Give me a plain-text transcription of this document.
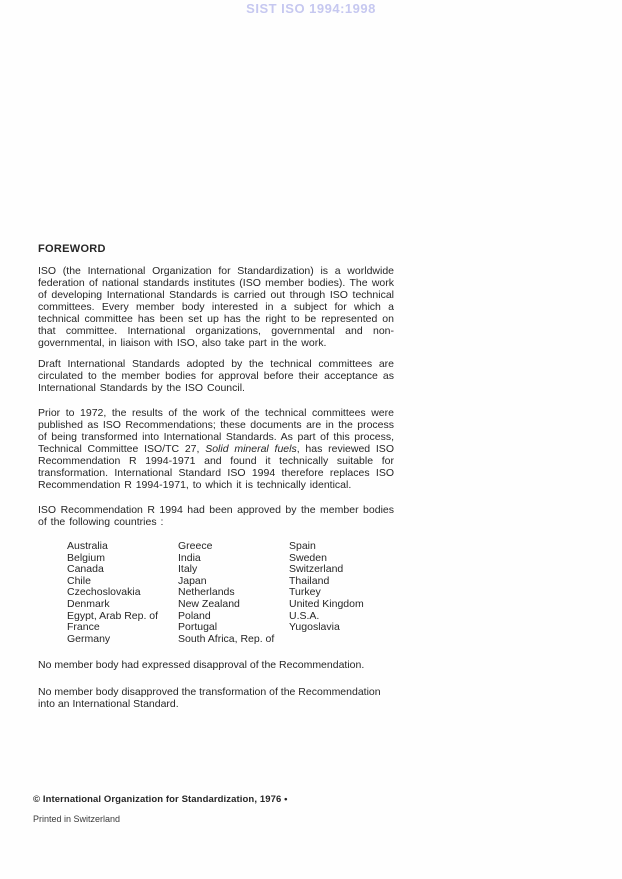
SIST ISO 1994:1998
FOREWORD

ISO (the International Organization for Standardization) is a worldwide federation of national standards institutes (ISO member bodies). The work of developing International Standards is carried out through ISO technical committees. Every member body interested in a subject for which a technical committee has been set up has the right to be represented on that committee. International organizations, governmental and non-governmental, in liaison with ISO, also take part in the work.

Draft International Standards adopted by the technical committees are circulated to the member bodies for approval before their acceptance as International Standards by the ISO Council.

Prior to 1972, the results of the work of the technical committees were published as ISO Recommendations; these documents are in the process of being transformed into International Standards. As part of this process, Technical Committee ISO/TC 27, Solid mineral fuels, has reviewed ISO Recommendation R 1994-1971 and found it technically suitable for transformation. International Standard ISO 1994 therefore replaces ISO Recommendation R 1994-1971, to which it is technically identical.

ISO Recommendation R 1994 had been approved by the member bodies of the following countries :

Australia
Belgium
Canada
Chile
Czechoslovakia
Denmark
Egypt, Arab Rep. of
France
Germany
Greece
India
Italy
Japan
Netherlands
New Zealand
Poland
Portugal
South Africa, Rep. of
Spain
Sweden
Switzerland
Thailand
Turkey
United Kingdom
U.S.A.
Yugoslavia

No member body had expressed disapproval of the Recommendation.

No member body disapproved the transformation of the Recommendation into an International Standard.

© International Organization for Standardization, 1976 •
Printed in Switzerland
